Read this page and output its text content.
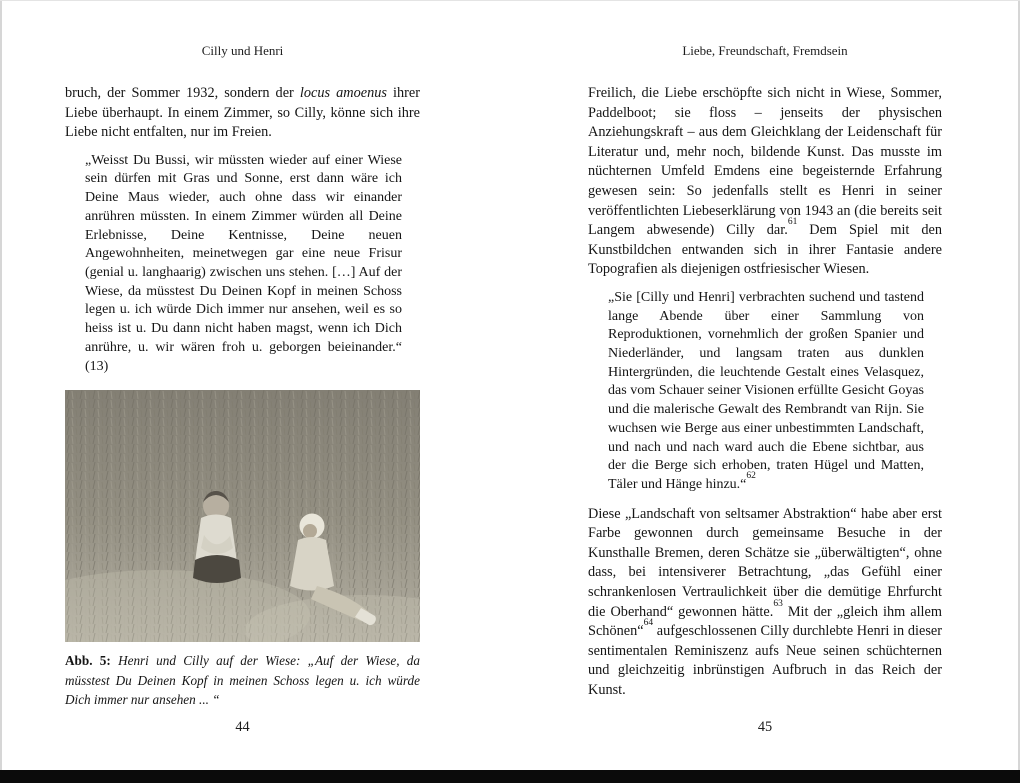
Cilly und Henri

bruch, der Sommer 1932, sondern der locus amoenus ihrer Liebe überhaupt. In einem Zimmer, so Cilly, könne sich ihre Liebe nicht entfalten, nur im Freien.

„Weisst Du Bussi, wir müssten wieder auf einer Wiese sein dürfen mit Gras und Sonne, erst dann wäre ich Deine Maus wieder, auch ohne dass wir einander anrühren müssten. In einem Zimmer würden all Deine Erlebnisse, Deine Kentnisse, Deine neuen Angewohnheiten, meinetwegen gar eine neue Frisur (genial u. langhaarig) zwischen uns stehen. […] Auf der Wiese, da müsstest Du Deinen Kopf in meinen Schoss legen u. ich würde Dich immer nur ansehen, weil es so heiss ist u. Du dann nicht haben magst, wenn ich Dich anrühre, u. wir wären froh u. geborgen beieinander.“ (13)

Abb. 5: Henri und Cilly auf der Wiese: „Auf der Wiese, da müsstest Du Deinen Kopf in meinen Schoss legen u. ich würde Dich immer nur ansehen ... “
44
Liebe, Freundschaft, Fremdsein

Freilich, die Liebe erschöpfte sich nicht in Wiese, Sommer, Paddelboot; sie floss – jenseits der physischen Anziehungskraft – aus dem Gleichklang der Leidenschaft für Literatur und, mehr noch, bildende Kunst. Das musste im nüchternen Umfeld Emdens eine begeisternde Erfahrung gewesen sein: So jedenfalls stellt es Henri in seiner veröffentlichten Liebeserklärung von 1943 an (die bereits seit Langem abwesende) Cilly dar.$^{61}$ Dem Spiel mit den Kunstbildchen entwanden sich in ihrer Fantasie andere Topografien als diejenigen ostfriesischer Wiesen.

„Sie [Cilly und Henri] verbrachten suchend und tastend lange Abende über einer Sammlung von Reproduktionen, vornehmlich der großen Spanier und Niederländer, und langsam traten aus dunklen Hintergründen, die leuchtende Gestalt eines Velasquez, das vom Schauer seiner Visionen erfüllte Gesicht Goyas und die malerische Gewalt des Rembrandt van Rijn. Sie wuchsen wie Berge aus einer unbestimmten Landschaft, und nach und nach ward auch die Ebene sichtbar, aus der die Berge sich erhoben, traten Hügel und Matten, Täler und Hänge hinzu.“$^{62}$

Diese „Landschaft von seltsamer Abstraktion“ habe aber erst Farbe gewonnen durch gemeinsame Besuche in der Kunsthalle Bremen, deren Schätze sie „überwältigten“, ohne dass, bei intensiverer Betrachtung, „das Gefühl einer schrankenlosen Vertraulichkeit über die demütige Ehrfurcht die Oberhand“ gewonnen hätte.$^{63}$ Mit der „gleich ihm allem Schönen“$^{64}$ aufgeschlossenen Cilly durchlebte Henri in dieser sentimentalen Reminiszenz aufs Neue seinen schüchternen und gleichzeitig inbrünstigen Aufbruch in das Reich der Kunst.

45
